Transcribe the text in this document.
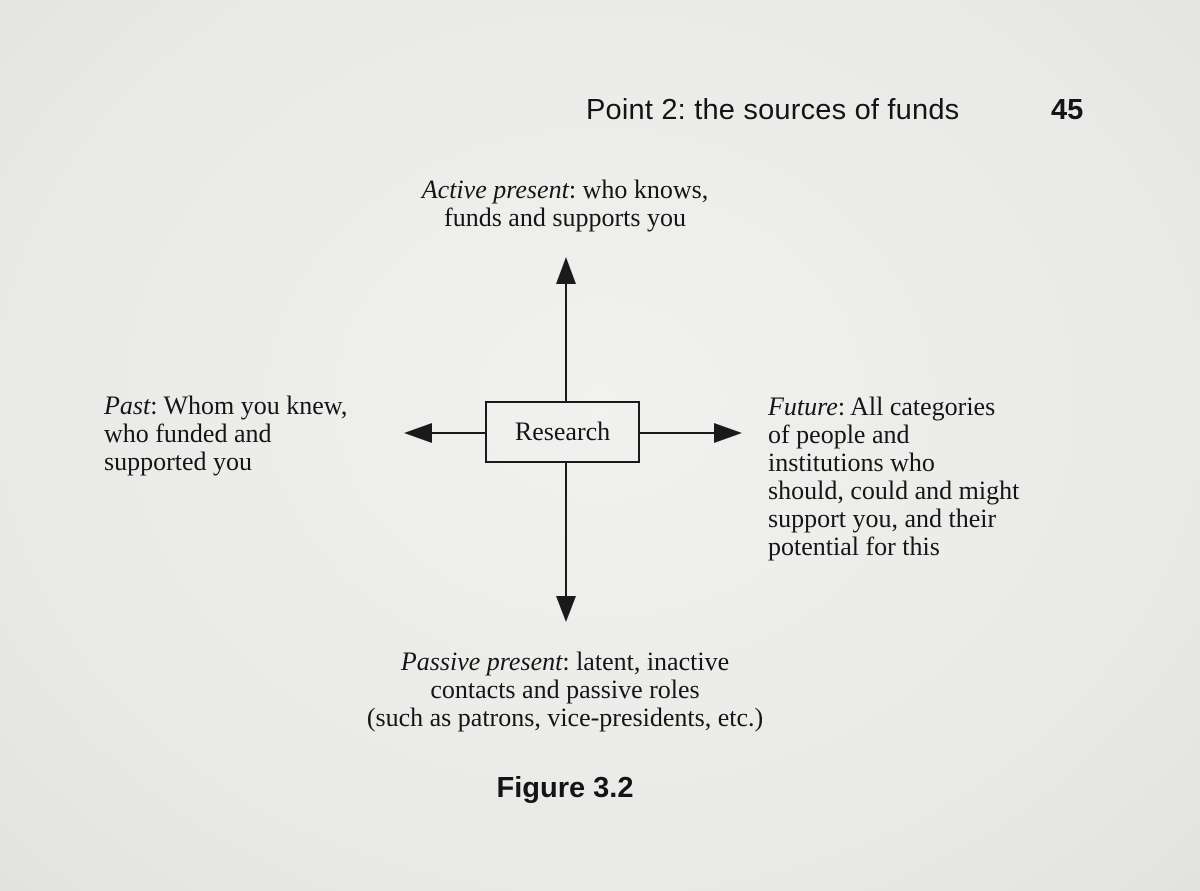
Point 2: the sources of funds	45
Active present: who knows,
funds and supports you
Past: Whom you knew,
who funded and
supported you
Research
Future: All categories
of people and
institutions who
should, could and might
support you, and their
potential for this
Passive present: latent, inactive
contacts and passive roles
(such as patrons, vice-presidents, etc.)
Figure 3.2
